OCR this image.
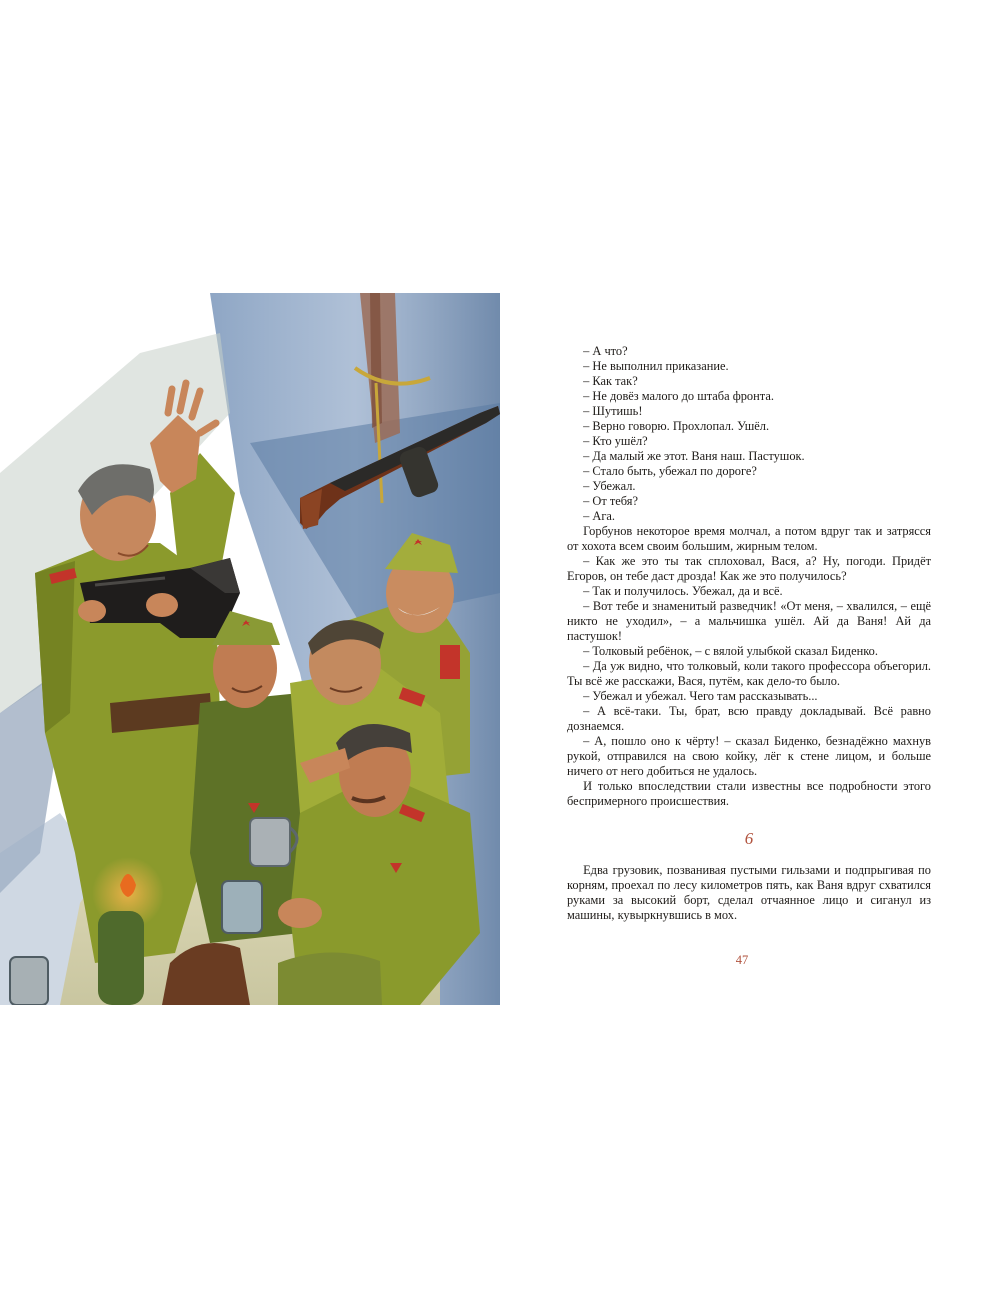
– А что?

– Не выполнил приказание.

– Как так?

– Не довёз малого до штаба фронта.

– Шутишь!

– Верно говорю. Прохлопал. Ушёл.

– Кто ушёл?

– Да малый же этот. Ваня наш. Пастушок.

– Стало быть, убежал по дороге?

– Убежал.

– От тебя?

– Ага.

Горбунов некоторое время молчал, а потом вдруг так и затрясся от хохота всем своим большим, жирным телом.

– Как же это ты так сплоховал, Вася, а? Ну, погоди. Придёт Егоров, он тебе даст дрозда! Как же это получилось?

– Так и получилось. Убежал, да и всё.

– Вот тебе и знаменитый разведчик! «От меня, – хвалился, – ещё никто не уходил», – а мальчишка ушёл. Ай да Ваня! Ай да пастушок!

– Толковый ребёнок, – с вялой улыбкой сказал Биденко.

– Да уж видно, что толковый, коли такого профессора объегорил. Ты всё же расскажи, Вася, путём, как дело-то было.

– Убежал и убежал. Чего там рассказывать...

– А всё-таки. Ты, брат, всю правду докладывай. Всё равно дознаемся.

– А, пошло оно к чёрту! – сказал Биденко, безнадёжно махнув рукой, отправился на свою койку, лёг к стене лицом, и больше ничего от него добиться не удалось.

И только впоследствии стали известны все подробности этого беспримерного происшествия.

6

Едва грузовик, позванивая пустыми гильзами и подпрыгивая по корням, проехал по лесу километров пять, как Ваня вдруг схватился руками за высокий борт, сделал отчаянное лицо и сиганул из машины, кувыркнувшись в мох.

47
